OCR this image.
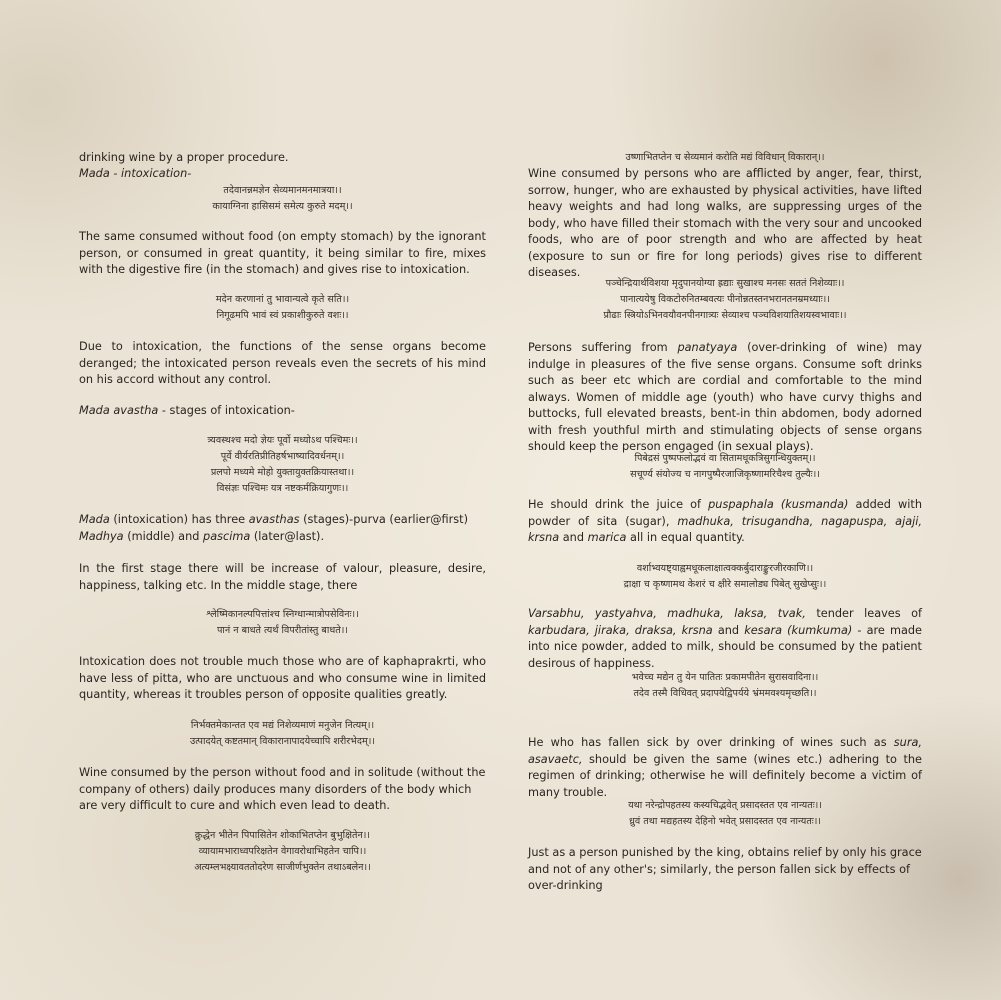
drinking wine by a proper procedure.

Mada - intoxication-

तदेवानन्नमज्ञेन सेव्यमानमनमात्रया।।
कायाग्निना हासिसमं समेत्य कुरुते मदम्।।

The same consumed without food (on empty stomach) by the ignorant person, or consumed in great quantity, it being similar to fire, mixes with the digestive fire (in the stomach) and gives rise to intoxication.

मदेन करणानां तु भावान्यत्वे कृते सति।।
निगूढमपि भावं स्वं प्रकाशीकुरुते वशः।।

Due to intoxication, the functions of the sense organs become deranged; the intoxicated person reveals even the secrets of his mind on his accord without any control.

Mada avastha - stages of intoxication-

त्र्यवस्थश्च मदो ज्ञेयः पूर्वो मध्योऽथ पश्चिमः।।
पूर्वे वीर्यरतिप्रीतिहर्षभाष्यादिवर्धनम्।।
प्रलपो मध्यमे मोहो युक्तायुक्तक्रियास्तथा।।
विसंज्ञः पश्चिमः यत्र नष्टकर्मक्रियागुणः।।

Mada (intoxication) has three avasthas (stages)-purva (earlier@first) Madhya (middle) and pascima (later@last).

In the first stage there will be increase of valour, pleasure, desire, happiness, talking etc. In the middle stage, there

श्लेष्मिकानल्पपित्तांश्च स्निग्धान्मात्रोपसेविनः।।
पानं न बाधते त्यर्थं विपरीतांस्तु बाधते।।

Intoxication does not trouble much those who are of kaphaprakrti, who have less of pitta, who are unctuous and who consume wine in limited quantity, whereas it troubles person of opposite qualities greatly.

निर्भक्तमेकान्तत एव मद्यं निशेव्यमाणं मनुजेन नित्यम्।।
उत्पादयेत् कष्टतमान् विकारानापादयेच्चापि शरीरभेदम्।।

Wine consumed by the person without food and in solitude (without the company of others) daily produces many disorders of the body which are very difficult to cure and which even lead to death.

क्रुद्धेन भीतेन पिपासितेन शोकाभितप्तेन बुभुक्षितेन।।
व्यायामभाराध्वपरिक्षतेन वेगावरोधाभिहतेन चापि।।
अत्यम्लभक्ष्यावततोदरेण साजीर्णभुक्तेन तथाऽबलेन।।
उष्णाभितप्तेन च सेव्यमानं करोति मद्यं विविधान् विकारान्।।

Wine consumed by persons who are afflicted by anger, fear, thirst, sorrow, hunger, who are exhausted by physical activities, have lifted heavy weights and had long walks, are suppressing urges of the body, who have filled their stomach with the very sour and uncooked foods, who are of poor strength and who are affected by heat (exposure to sun or fire for long periods) gives rise to different diseases.

पञ्चेन्द्रियार्थविशया मृदुपानयोग्या ह्रद्याः सुखाश्च मनसः सततं निशेव्याः।।
पानात्ययेषु विकटोरुनितम्बवत्यः पीनोन्नतस्तनभरानतनम्रमध्याः।।
प्रौढाः स्त्रियोऽभिनवयौवनपीनगात्र्यः सेव्याश्च पञ्चविशयातिशयस्वभावाः।।

Persons suffering from panatyaya (over-drinking of wine) may indulge in pleasures of the five sense organs. Consume soft drinks such as beer etc which are cordial and comfortable to the mind always. Women of middle age (youth) who have curvy thighs and buttocks, full elevated breasts, bent-in thin abdomen, body adorned with fresh youthful mirth and stimulating objects of sense organs should keep the person engaged (in sexual plays).

पिबेद्रसं पुष्पफलोद्भवं वा सितामधूकत्रिसुगन्धियुक्तम्।।
सचूर्ण्य संयोज्य च नागपुष्पैरजाजिकृष्णामरिचैश्च तुल्यैः।।

He should drink the juice of puspaphala (kusmanda) added with powder of sita (sugar), madhuka, trisugandha, nagapuspa, ajaji, krsna and marica all in equal quantity.

वर्शाभ्वयष्ट्याह्वमधूकलाक्षात्वक्कर्बुदाराङ्कुरजीरकाणि।।
द्राक्षा च कृष्णामथ केशरं च क्षीरे समालोड्य पिबेत् सुखेप्सुः।।

Varsabhu, yastyahva, madhuka, laksa, tvak, tender leaves of karbudara, jiraka, draksa, krsna and kesara (kumkuma) - are made into nice powder, added to milk, should be consumed by the patient desirous of happiness.

भवेच्च मद्येन तु येन पातितः प्रकामपीतेन सुरासवादिना।।
तदेव तस्मै विधिवत् प्रदापयेद्विपर्यये भ्रंममवश्यमृच्छति।।

He who has fallen sick by over drinking of wines such as sura, asavaetc, should be given the same (wines etc.) adhering to the regimen of drinking; otherwise he will definitely become a victim of many trouble.

यथा नरेन्द्रोपहतस्य कस्यचिद्भवेत् प्रसादस्तत एव नान्यतः।।
ध्रुवं तथा मद्यहतस्य देहिनो भवेत् प्रसादस्तत एव नान्यतः।।

Just as a person punished by the king, obtains relief by only his grace and not of any other's; similarly, the person fallen sick by effects of over-drinking
